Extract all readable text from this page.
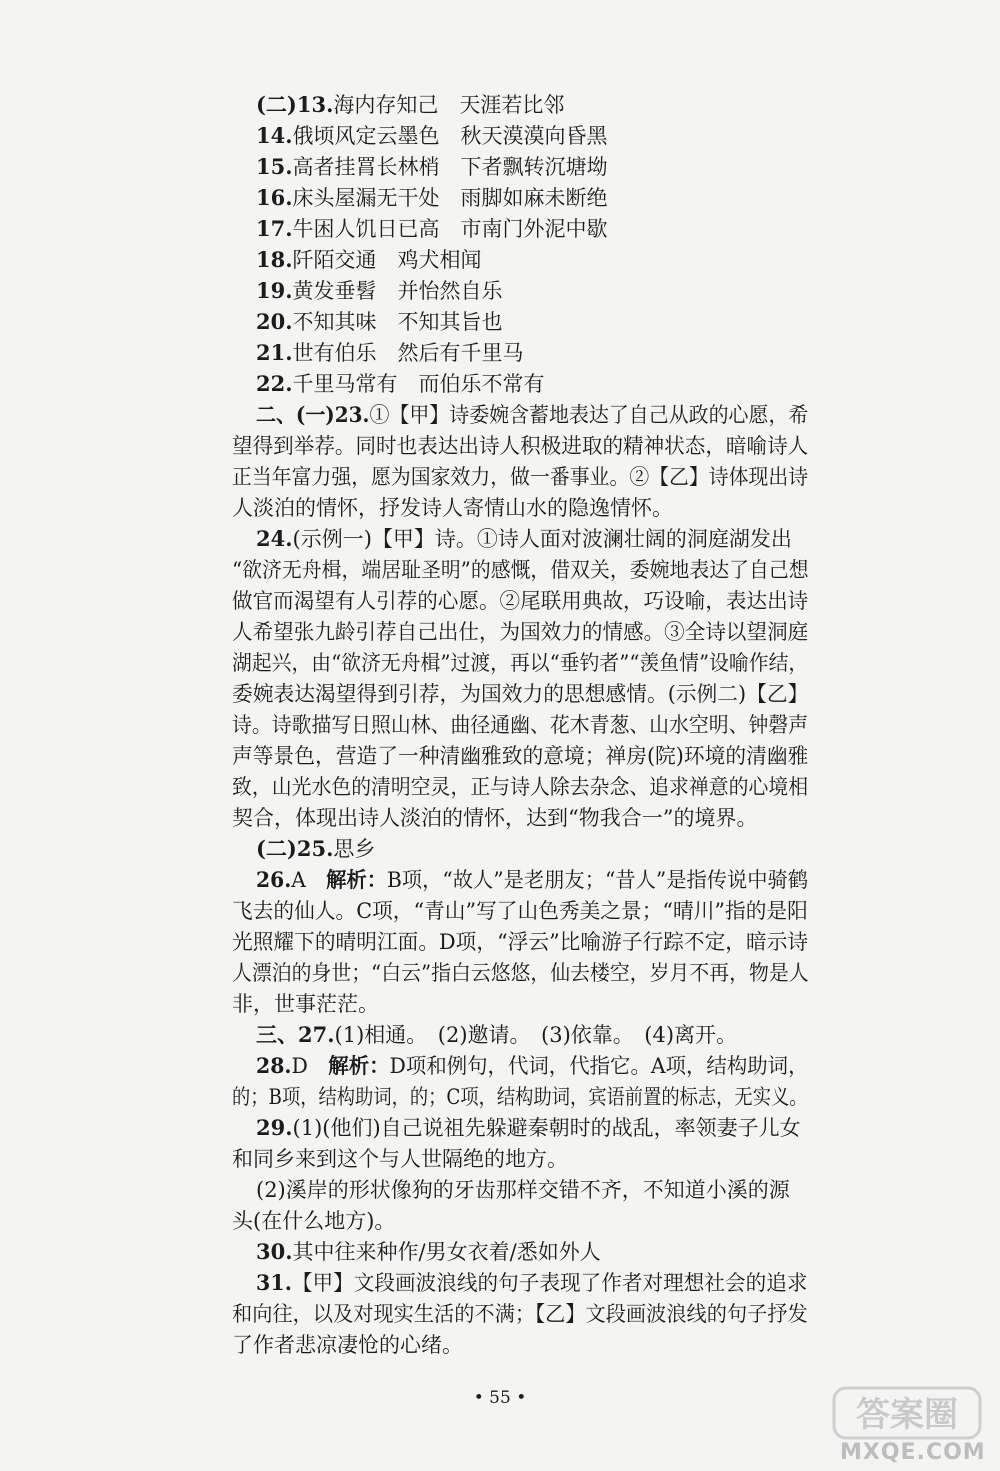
(二)13.海内存知己　天涯若比邻
14.俄顷风定云墨色　秋天漠漠向昏黑
15.高者挂罥长林梢　下者飘转沉塘坳
16.床头屋漏无干处　雨脚如麻未断绝
17.牛困人饥日已高　市南门外泥中歇
18.阡陌交通　鸡犬相闻
19.黄发垂髫　并怡然自乐
20.不知其味　不知其旨也
21.世有伯乐　然后有千里马
22.千里马常有　而伯乐不常有
二、(一)23.①【甲】诗委婉含蓄地表达了自己从政的心愿，希
望得到举荐。同时也表达出诗人积极进取的精神状态，暗喻诗人
正当年富力强，愿为国家效力，做一番事业。②【乙】诗体现出诗
人淡泊的情怀，抒发诗人寄情山水的隐逸情怀。
24.(示例一)【甲】诗。①诗人面对波澜壮阔的洞庭湖发出
“欲济无舟楫，端居耻圣明”的感慨，借双关，委婉地表达了自己想
做官而渴望有人引荐的心愿。②尾联用典故，巧设喻，表达出诗
人希望张九龄引荐自己出仕，为国效力的情感。③全诗以望洞庭
湖起兴，由“欲济无舟楫”过渡，再以“垂钓者”“羡鱼情”设喻作结，
委婉表达渴望得到引荐，为国效力的思想感情。(示例二)【乙】
诗。诗歌描写日照山林、曲径通幽、花木青葱、山水空明、钟磬声
声等景色，营造了一种清幽雅致的意境；禅房(院)环境的清幽雅
致，山光水色的清明空灵，正与诗人除去杂念、追求禅意的心境相
契合，体现出诗人淡泊的情怀，达到“物我合一”的境界。
(二)25.思乡
26.A　解析：B项，“故人”是老朋友；“昔人”是指传说中骑鹤
飞去的仙人。C项，“青山”写了山色秀美之景；“晴川”指的是阳
光照耀下的晴明江面。D项，“浮云”比喻游子行踪不定，暗示诗
人漂泊的身世；“白云”指白云悠悠，仙去楼空，岁月不再，物是人
非，世事茫茫。
三、27.(1)相通。　(2)邀请。　(3)依靠。　(4)离开。
28.D　解析：D项和例句，代词，代指它。A项，结构助词，
的；B项，结构助词，的；C项，结构助词，宾语前置的标志，无实义。
29.(1)(他们)自己说祖先躲避秦朝时的战乱，率领妻子儿女
和同乡来到这个与人世隔绝的地方。
(2)溪岸的形状像狗的牙齿那样交错不齐，不知道小溪的源
头(在什么地方)。
30.其中往来种作/男女衣着/悉如外人
31.【甲】文段画波浪线的句子表现了作者对理想社会的追求
和向往，以及对现实生活的不满；【乙】文段画波浪线的句子抒发
了作者悲凉凄怆的心绪。
• 55 •	答案圈
MXQE.COM
